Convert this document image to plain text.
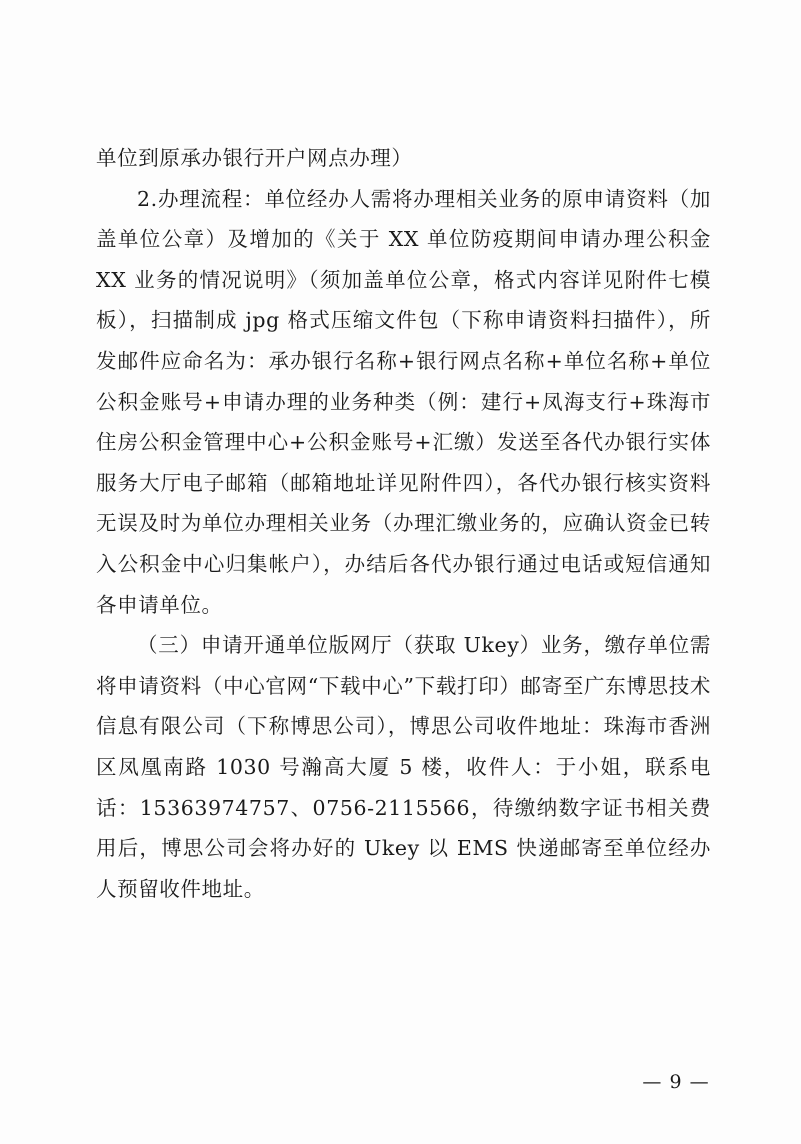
单位到原承办银行开户网点办理）

2.办理流程：单位经办人需将办理相关业务的原申请资料（加盖单位公章）及增加的《关于 XX 单位防疫期间申请办理公积金 XX 业务的情况说明》（须加盖单位公章，格式内容详见附件七模板），扫描制成 jpg 格式压缩文件包（下称申请资料扫描件），所发邮件应命名为：承办银行名称+银行网点名称+单位名称+单位公积金账号+申请办理的业务种类（例：建行+凤海支行+珠海市住房公积金管理中心+公积金账号+汇缴）发送至各代办银行实体服务大厅电子邮箱（邮箱地址详见附件四），各代办银行核实资料无误及时为单位办理相关业务（办理汇缴业务的，应确认资金已转入公积金中心归集帐户），办结后各代办银行通过电话或短信通知各申请单位。

（三）申请开通单位版网厅（获取 Ukey）业务，缴存单位需将申请资料（中心官网“下载中心”下载打印）邮寄至广东博思技术信息有限公司（下称博思公司），博思公司收件地址：珠海市香洲区凤凰南路 1030 号瀚高大厦 5 楼，收件人：于小姐，联系电话：15363974757、0756-2115566，待缴纳数字证书相关费用后，博思公司会将办好的 Ukey 以 EMS 快递邮寄至单位经办人预留收件地址。

— 9 —
